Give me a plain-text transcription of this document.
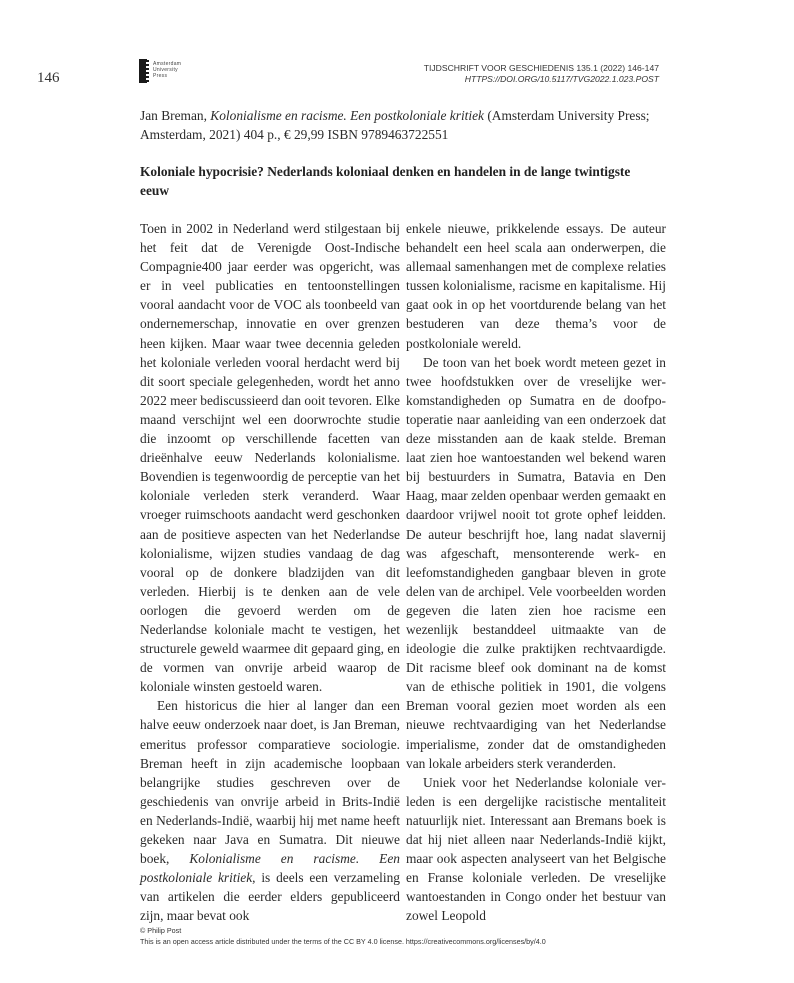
146
Amsterdam
University
Press
TIJDSCHRIFT VOOR GESCHIEDENIS 135.1 (2022) 146-147
HTTPS://DOI.ORG/10.5117/TVG2022.1.023.POST
Jan Breman, Kolonialisme en racisme. Een postkoloniale kritiek (Amsterdam University Press; Amsterdam, 2021) 404 p., € 29,99 ISBN 9789463722551
Koloniale hypocrisie? Nederlands koloniaal denken en handelen in de lange twintigste eeuw

Toen in 2002 in Nederland werd stilgestaan bij het feit dat de Verenigde Oost-Indische Compagnie400 jaar eerder was opgericht, was er in veel publicaties en tentoonstellingen vooral aandacht voor de VOC als toonbeeld van ondernemerschap, innovatie en over grenzen heen kijken. Maar waar twee decennia geleden het koloniale verleden vooral herdacht werd bij dit soort speciale gelegenheden, wordt het anno 2022 meer bediscussieerd dan ooit tevoren. Elke maand verschijnt wel een doorwrochte studie die inzoomt op verschillende facetten van drieënhalve eeuw Nederlands kolonialisme. Bovendien is tegenwoordig de perceptie van het koloniale verleden sterk veranderd. Waar vroeger ruimschoots aandacht werd geschonken aan de positieve aspecten van het Nederlandse kolonialisme, wijzen studies vandaag de dag vooral op de donkere bladzijden van dit verleden. Hierbij is te denken aan de vele oorlogen die gevoerd werden om de Nederlandse koloniale macht te vestigen, het structurele geweld waarmee dit gepaard ging, en de vormen van onvrije arbeid waarop de koloniale winsten gestoeld waren.

Een historicus die hier al langer dan een halve eeuw onderzoek naar doet, is Jan Breman, emeritus professor comparatieve sociologie. Breman heeft in zijn academische loopbaan belangrijke studies geschreven over de geschiedenis van onvrije arbeid in Brits-Indië en Nederlands-Indië, waarbij hij met name heeft gekeken naar Java en Sumatra. Dit nieuwe boek, Kolonialisme en racisme. Een postkoloniale kritiek, is deels een verzameling van artikelen die eerder elders gepubliceerd zijn, maar bevat ook

enkele nieuwe, prikkelende essays. De auteur behandelt een heel scala aan onderwerpen, die allemaal samenhangen met de complexe relaties tussen kolonialisme, racisme en kapitalisme. Hij gaat ook in op het voortdurende belang van het bestuderen van deze thema’s voor de postkoloniale wereld.

De toon van het boek wordt meteen gezet in twee hoofdstukken over de vreselijke werkomstandigheden op Sumatra en de doofpotoperatie naar aanleiding van een onderzoek dat deze misstanden aan de kaak stelde. Breman laat zien hoe wantoestanden wel bekend waren bij bestuurders in Sumatra, Batavia en Den Haag, maar zelden openbaar werden gemaakt en daardoor vrijwel nooit tot grote ophef leidden. De auteur beschrijft hoe, lang nadat slavernij was afgeschaft, mensonterende werk- en leefomstandigheden gangbaar bleven in grote delen van de archipel. Vele voorbeelden worden gegeven die laten zien hoe racisme een wezenlijk bestanddeel uitmaakte van de ideologie die zulke praktijken rechtvaardigde. Dit racisme bleef ook dominant na de komst van de ethische politiek in 1901, die volgens Breman vooral gezien moet worden als een nieuwe rechtvaardiging van het Nederlandse imperialisme, zonder dat de omstandigheden van lokale arbeiders sterk veranderden.

Uniek voor het Nederlandse koloniale verleden is een dergelijke racistische mentaliteit natuurlijk niet. Interessant aan Bremans boek is dat hij niet alleen naar Nederlands-Indië kijkt, maar ook aspecten analyseert van het Belgische en Franse koloniale verleden. De vreselijke wantoestanden in Congo onder het bestuur van zowel Leopold

© Philip Post
This is an open access article distributed under the terms of the CC BY 4.0 license. https://creativecommons.org/licenses/by/4.0
